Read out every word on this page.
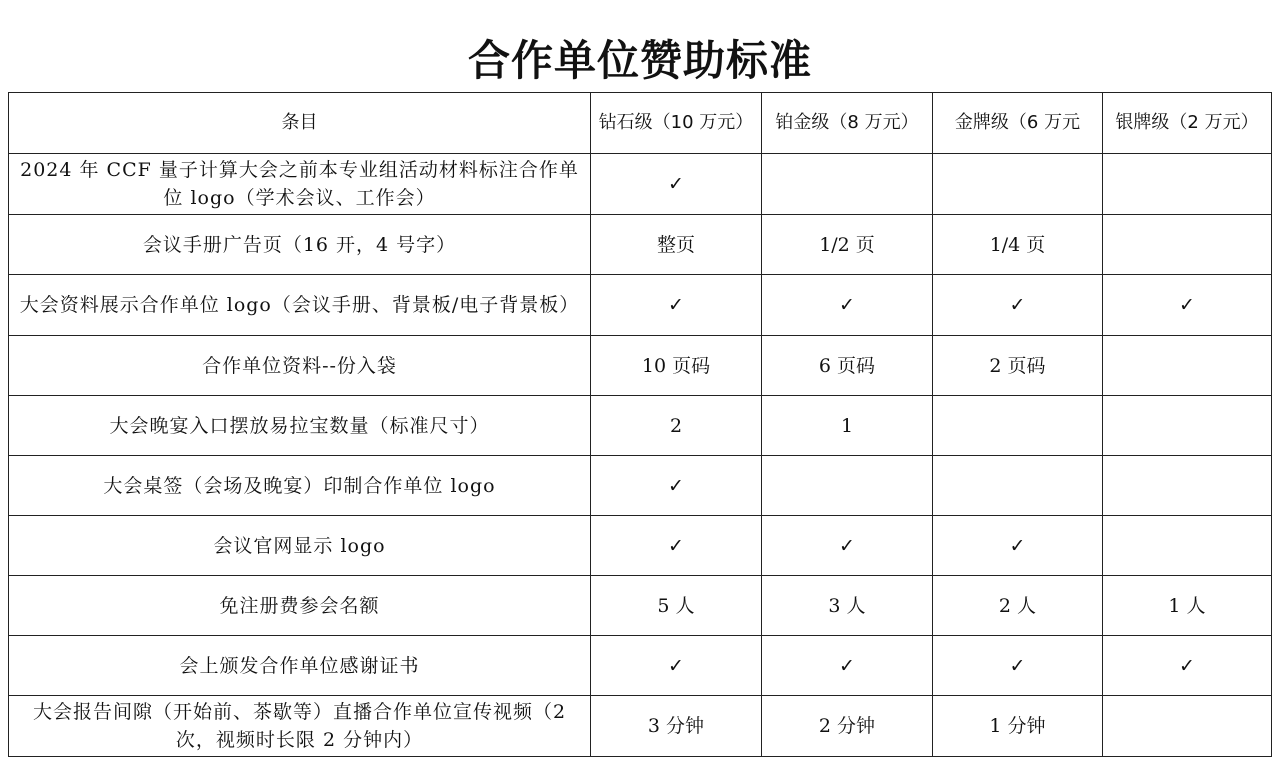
合作单位赞助标准
条目	钻石级（10 万元）	铂金级（8 万元）	金牌级（6 万元	银牌级（2 万元）
2024 年 CCF 量子计算大会之前本专业组活动材料标注合作单位 logo（学术会议、工作会）	✓			
会议手册广告页（16 开，4 号字）	整页	1/2 页	1/4 页	
大会资料展示合作单位 logo（会议手册、背景板/电子背景板）	✓	✓	✓	✓
合作单位资料--份入袋	10 页码	6 页码	2 页码	
大会晚宴入口摆放易拉宝数量（标准尺寸）	2	1		
大会桌签（会场及晚宴）印制合作单位 logo	✓			
会议官网显示 logo	✓	✓	✓	
免注册费参会名额	5 人	3 人	2 人	1 人
会上颁发合作单位感谢证书	✓	✓	✓	✓
大会报告间隙（开始前、茶歇等）直播合作单位宣传视频（2 次，视频时长限 2 分钟内）	3 分钟	2 分钟	1 分钟	
